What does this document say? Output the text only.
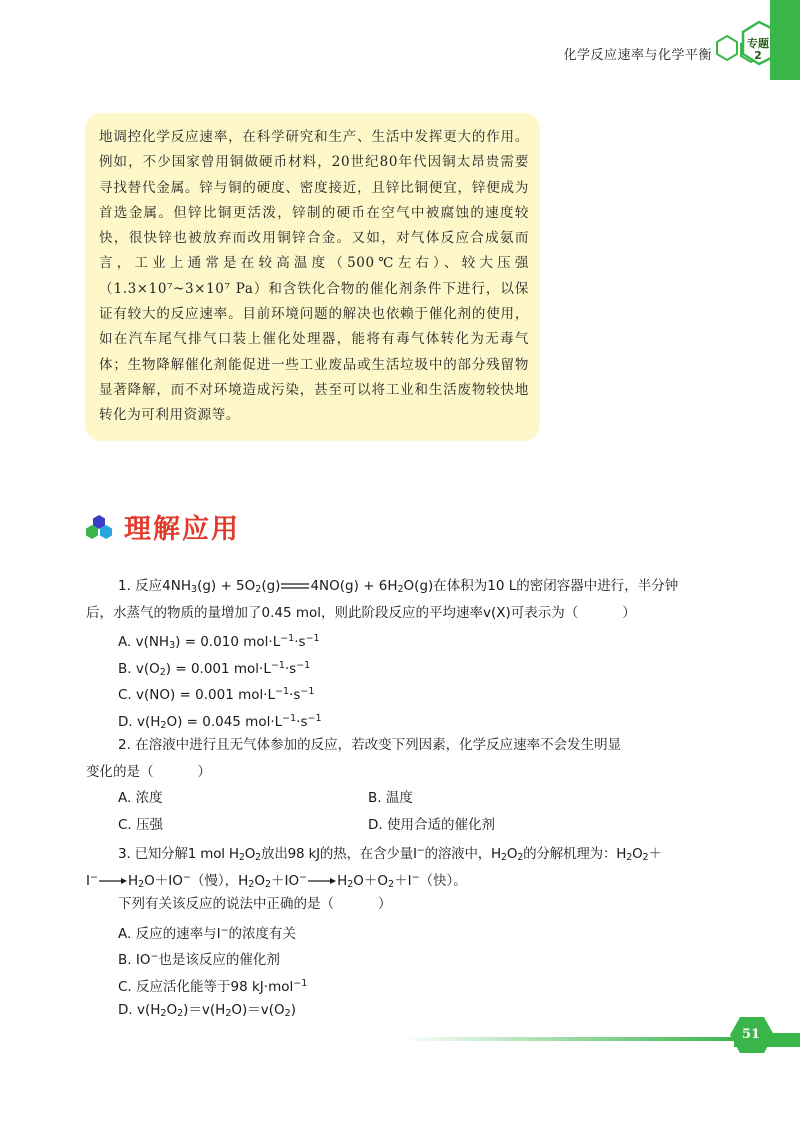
化学反应速率与化学平衡
专题
2

地调控化学反应速率，在科学研究和生产、生活中发挥更大的作用。例如，不少国家曾用铜做硬币材料，20世纪80年代因铜太昂贵需要寻找替代金属。锌与铜的硬度、密度接近，且锌比铜便宜，锌便成为首选金属。但锌比铜更活泼，锌制的硬币在空气中被腐蚀的速度较快，很快锌也被放弃而改用铜锌合金。又如，对气体反应合成氨而言，工业上通常是在较高温度（500℃左右）、较大压强（1.3×10⁷~3×10⁷ Pa）和含铁化合物的催化剂条件下进行，以保证有较大的反应速率。目前环境问题的解决也依赖于催化剂的使用，如在汽车尾气排气口装上催化处理器，能将有毒气体转化为无毒气体；生物降解催化剂能促进一些工业废品或生活垃圾中的部分残留物显著降解，而不对环境造成污染，甚至可以将工业和生活废物较快地转化为可利用资源等。

理解应用
1. 反应$4NH_3(g) + 5O_2(g) 4NO(g) + 6H_2O(g)$在体积为10 L的密闭容器中进行，半分钟
后，水蒸气的物质的量增加了0.45 mol，则此阶段反应的平均速率v(X)可表示为（	）
A. $v(NH_3) = 0.010$ $mol\cdot L^{-1}\cdot s^{-1}$
B. $v(O_2) = 0.001$ $mol\cdot L^{-1}\cdot s^{-1}$
C. v(NO) = 0.001 $mol\cdot L^{-1}\cdot s^{-1}$
D. $v(H_2O) = 0.045$ $mol\cdot L^{-1}\cdot s^{-1}$
2. 在溶液中进行且无气体参加的反应，若改变下列因素，化学反应速率不会发生明显
变化的是（	）
A. 浓度	B. 温度
C. 压强	D. 使用合适的催化剂
3. 已知分解1 mol $H_2O_2$放出98 kJ的热，在含少量I−的溶液中，$H_2O_2$的分解机理为：$H_2O_2+$
$I^-\to H_2O+IO^-$（慢），$H_2O_2+IO^-\to H_2O+O_2+I^-$（快）。
下列有关该反应的说法中正确的是（	）
A. 反应的速率与I−的浓度有关
B. IO−也是该反应的催化剂
C. 反应活化能等于98 kJ·mol$^{-1}$
D. $v(H_2O_2)=v(H_2O)=v(O_2)$
51
